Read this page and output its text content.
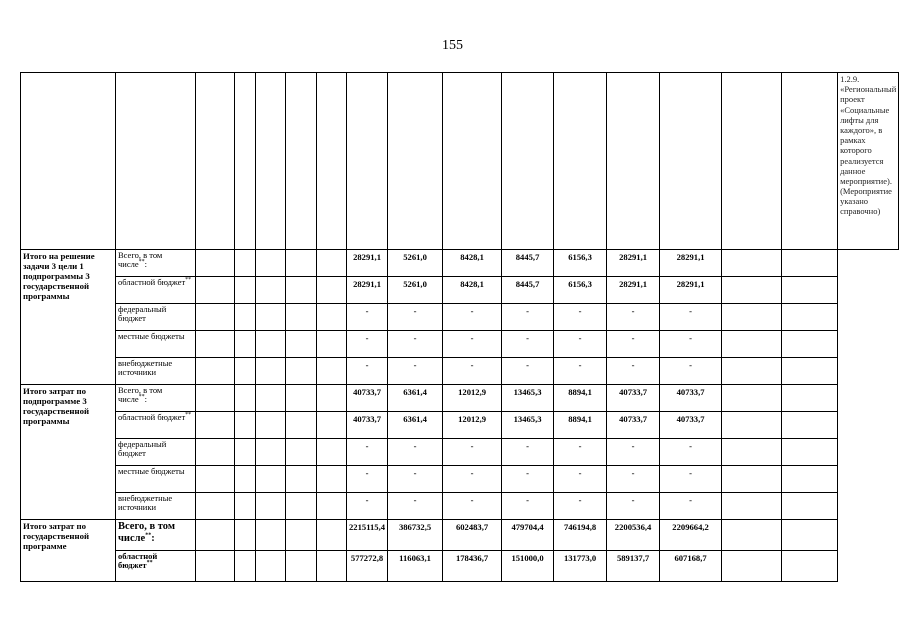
155
																1.2.9. «Региональный проект «Социальные лифты для каждого», в рамках которого реализуется данное мероприятие). (Мероприятие указано справочно)
Итого на решение задачи 3 цели 1 подпрограммы 3 государственной программы	Всего, в том числе**:						28291,1	5261,0	8428,1	8445,7	6156,3	28291,1	28291,1			
	областной бюджет**						28291,1	5261,0	8428,1	8445,7	6156,3	28291,1	28291,1			
	федеральный бюджет						-	-	-	-	-	-	-			
	местные бюджеты						-	-	-	-	-	-	-			
	внебюджетные источники						-	-	-	-	-	-	-			
Итого затрат по подпрограмме 3 государственной программы	Всего, в том числе**:						40733,7	6361,4	12012,9	13465,3	8894,1	40733,7	40733,7			
	областной бюджет**						40733,7	6361,4	12012,9	13465,3	8894,1	40733,7	40733,7			
	федеральный бюджет						-	-	-	-	-	-	-			
	местные бюджеты						-	-	-	-	-	-	-			
	внебюджетные источники						-	-	-	-	-	-	-			
Итого затрат по государственной программе	Всего, в том числе**:						2215115,4	386732,5	602483,7	479704,4	746194,8	2200536,4	2209664,2			
	областной бюджет**						577272,8	116063,1	178436,7	151000,0	131773,0	589137,7	607168,7			
